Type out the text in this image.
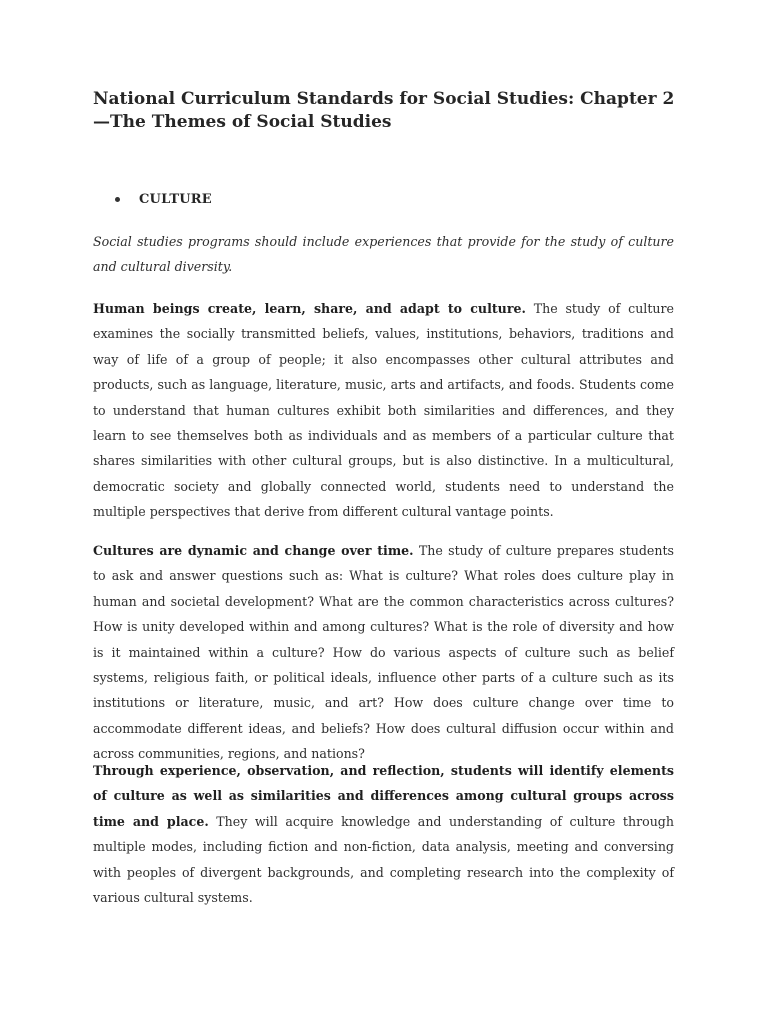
National Curriculum Standards for Social Studies: Chapter 2—The Themes of Social Studies
CULTURE

Social studies programs should include experiences that provide for the study of culture and cultural diversity.

Human beings create, learn, share, and adapt to culture. The study of culture examines the socially transmitted beliefs, values, institutions, behaviors, traditions and way of life of a group of people; it also encompasses other cultural attributes and products, such as language, literature, music, arts and artifacts, and foods. Students come to understand that human cultures exhibit both similarities and differences, and they learn to see themselves both as individuals and as members of a particular culture that shares similarities with other cultural groups, but is also distinctive. In a multicultural, democratic society and globally connected world, students need to understand the multiple perspectives that derive from different cultural vantage points.

Cultures are dynamic and change over time. The study of culture prepares students to ask and answer questions such as: What is culture? What roles does culture play in human and societal development? What are the common characteristics across cultures? How is unity developed within and among cultures? What is the role of diversity and how is it maintained within a culture? How do various aspects of culture such as belief systems, religious faith, or political ideals, influence other parts of a culture such as its institutions or literature, music, and art? How does culture change over time to accommodate different ideas, and beliefs? How does cultural diffusion occur within and across communities, regions, and nations?

Through experience, observation, and reflection, students will identify elements of culture as well as similarities and differences among cultural groups across time and place. They will acquire knowledge and understanding of culture through multiple modes, including fiction and non-fiction, data analysis, meeting and conversing with peoples of divergent backgrounds, and completing research into the complexity of various cultural systems.
